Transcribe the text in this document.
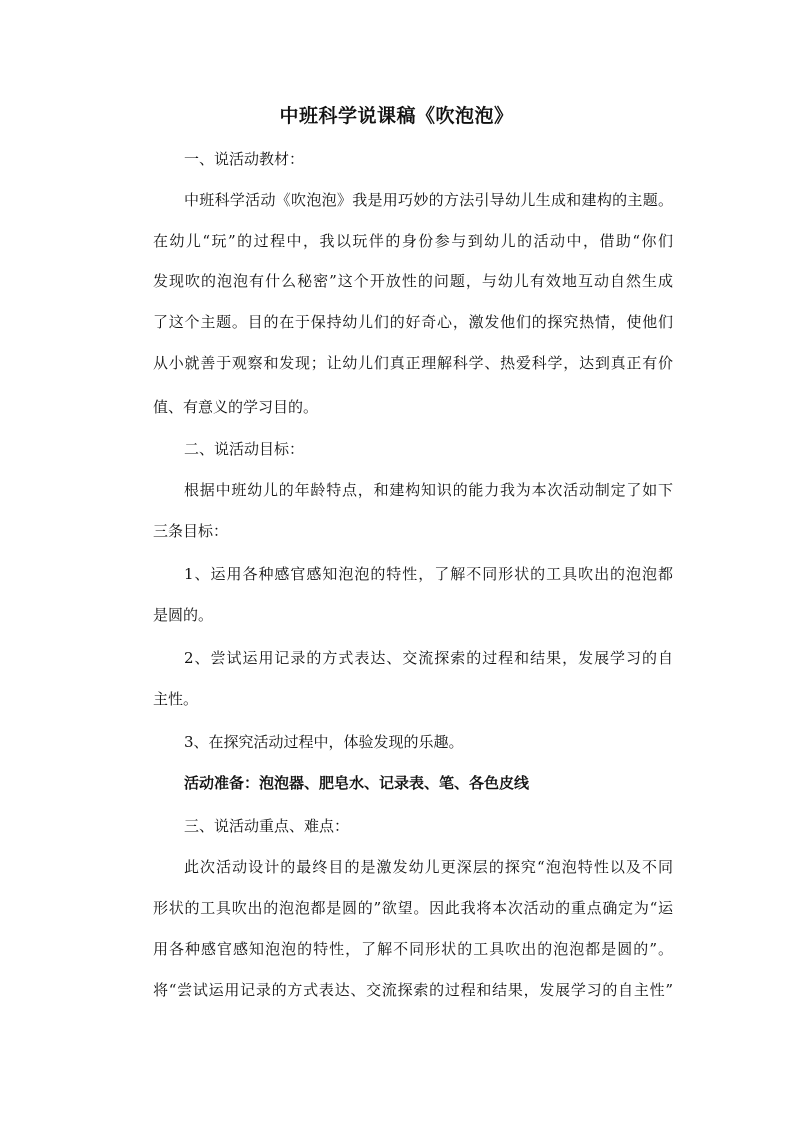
中班科学说课稿《吹泡泡》
一、说活动教材：
中班科学活动《吹泡泡》我是用巧妙的方法引导幼儿生成和建构的主题。
在幼儿“玩”的过程中，我以玩伴的身份参与到幼儿的活动中，借助“你们
发现吹的泡泡有什么秘密”这个开放性的问题，与幼儿有效地互动自然生成
了这个主题。目的在于保持幼儿们的好奇心，激发他们的探究热情，使他们
从小就善于观察和发现；让幼儿们真正理解科学、热爱科学，达到真正有价
值、有意义的学习目的。
二、说活动目标：
根据中班幼儿的年龄特点，和建构知识的能力我为本次活动制定了如下
三条目标：
1、运用各种感官感知泡泡的特性，了解不同形状的工具吹出的泡泡都
是圆的。
2、尝试运用记录的方式表达、交流探索的过程和结果，发展学习的自
主性。
3、在探究活动过程中，体验发现的乐趣。
活动准备：泡泡器、肥皂水、记录表、笔、各色皮线
三、说活动重点、难点：
此次活动设计的最终目的是激发幼儿更深层的探究“泡泡特性以及不同
形状的工具吹出的泡泡都是圆的”欲望。因此我将本次活动的重点确定为“运
用各种感官感知泡泡的特性，了解不同形状的工具吹出的泡泡都是圆的”。
将“尝试运用记录的方式表达、交流探索的过程和结果，发展学习的自主性”
